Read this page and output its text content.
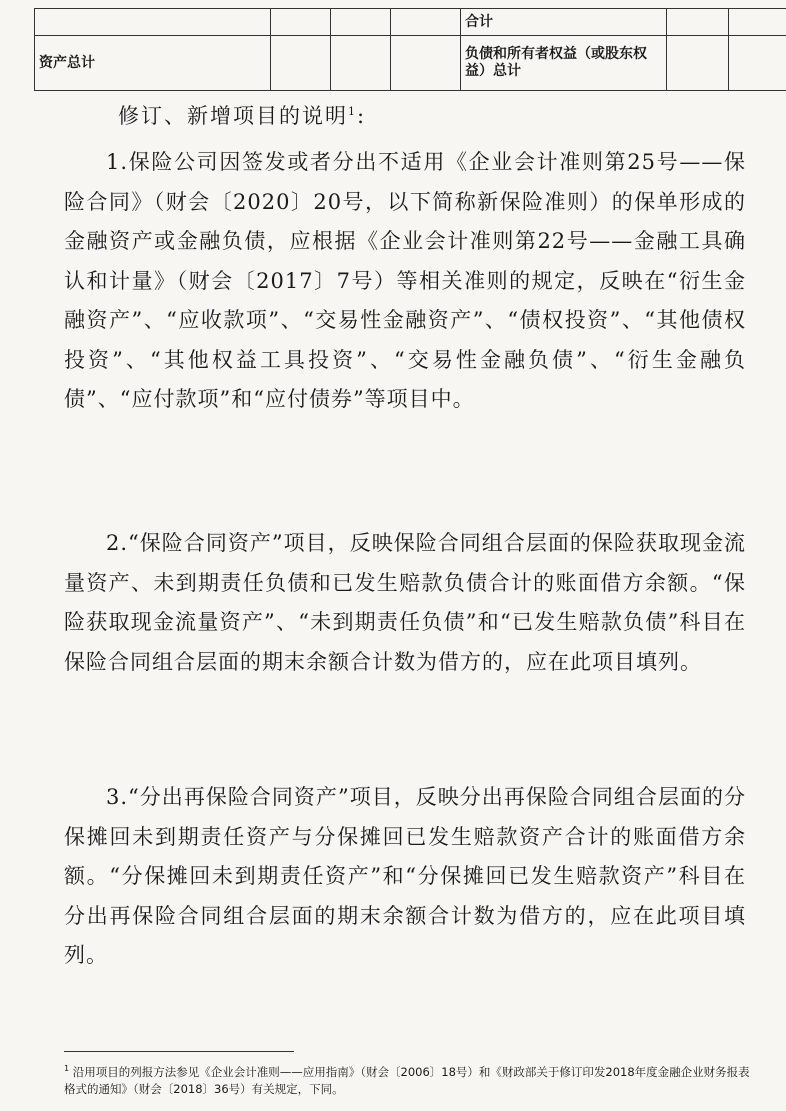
				合计		
资产总计				负债和所有者权益（或股东权益）总计		
修订、新增项目的说明$^1$:

1.保险公司因签发或者分出不适用《企业会计准则第25号——保险合同》（财会〔2020〕20号，以下简称新保险准则）的保单形成的金融资产或金融负债，应根据《企业会计准则第22号——金融工具确认和计量》（财会〔2017〕7号）等相关准则的规定，反映在“衍生金融资产”、“应收款项”、“交易性金融资产”、“债权投资”、“其他债权投资”、“其他权益工具投资”、“交易性金融负债”、“衍生金融负债”、“应付款项”和“应付债券”等项目中。

2.“保险合同资产”项目，反映保险合同组合层面的保险获取现金流量资产、未到期责任负债和已发生赔款负债合计的账面借方余额。“保险获取现金流量资产”、“未到期责任负债”和“已发生赔款负债”科目在保险合同组合层面的期末余额合计数为借方的，应在此项目填列。

3.“分出再保险合同资产”项目，反映分出再保险合同组合层面的分保摊回未到期责任资产与分保摊回已发生赔款资产合计的账面借方余额。“分保摊回未到期责任资产”和“分保摊回已发生赔款资产”科目在分出再保险合同组合层面的期末余额合计数为借方的，应在此项目填列。

$^1$ 沿用项目的列报方法参见《企业会计准则——应用指南》（财会〔2006〕18号）和《财政部关于修订印发2018年度金融企业财务报表格式的通知》（财会〔2018〕36号）有关规定，下同。
